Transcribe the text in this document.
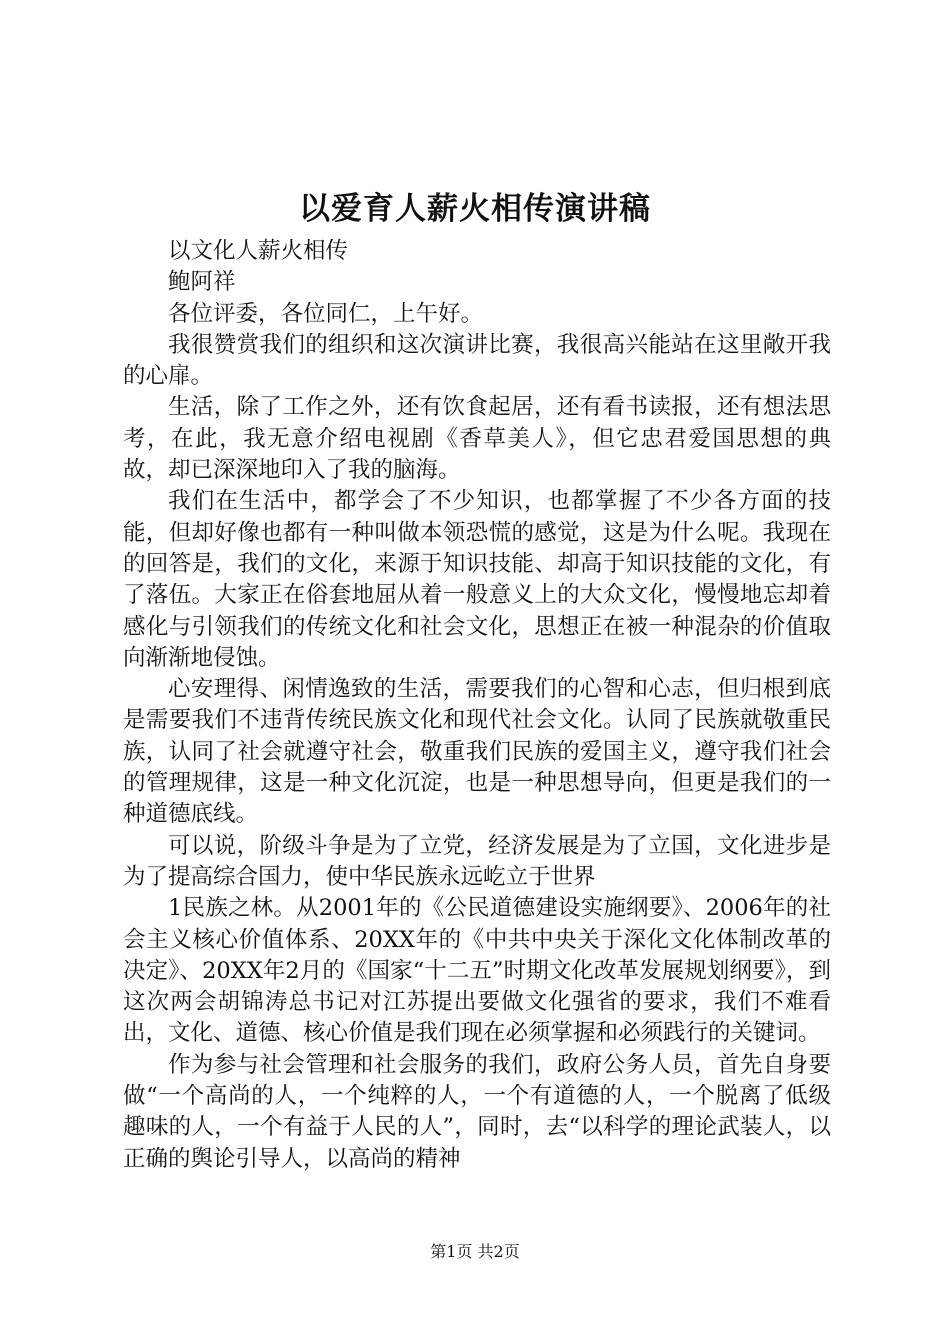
以爱育人薪火相传演讲稿

以文化人薪火相传

鲍阿祥

各位评委，各位同仁，上午好。

我很赞赏我们的组织和这次演讲比赛，我很高兴能站在这里敞开我的心扉。

生活，除了工作之外，还有饮食起居，还有看书读报，还有想法思考，在此，我无意介绍电视剧《香草美人》，但它忠君爱国思想的典故，却已深深地印入了我的脑海。

我们在生活中，都学会了不少知识，也都掌握了不少各方面的技能，但却好像也都有一种叫做本领恐慌的感觉，这是为什么呢。我现在的回答是，我们的文化，来源于知识技能、却高于知识技能的文化，有了落伍。大家正在俗套地屈从着一般意义上的大众文化，慢慢地忘却着感化与引领我们的传统文化和社会文化，思想正在被一种混杂的价值取向渐渐地侵蚀。

心安理得、闲情逸致的生活，需要我们的心智和心志，但归根到底是需要我们不违背传统民族文化和现代社会文化。认同了民族就敬重民族，认同了社会就遵守社会，敬重我们民族的爱国主义，遵守我们社会的管理规律，这是一种文化沉淀，也是一种思想导向，但更是我们的一种道德底线。

可以说，阶级斗争是为了立党，经济发展是为了立国，文化进步是为了提高综合国力，使中华民族永远屹立于世界

1民族之林。从2001年的《公民道德建设实施纲要》、2006年的社会主义核心价值体系、20XX年的《中共中央关于深化文化体制改革的决定》、20XX年2月的《国家“十二五”时期文化改革发展规划纲要》，到这次两会胡锦涛总书记对江苏提出要做文化强省的要求，我们不难看出，文化、道德、核心价值是我们现在必须掌握和必须践行的关键词。

作为参与社会管理和社会服务的我们，政府公务人员，首先自身要做“一个高尚的人，一个纯粹的人，一个有道德的人，一个脱离了低级趣味的人，一个有益于人民的人”，同时，去“以科学的理论武装人，以正确的舆论引导人，以高尚的精神

第1页 共2页
